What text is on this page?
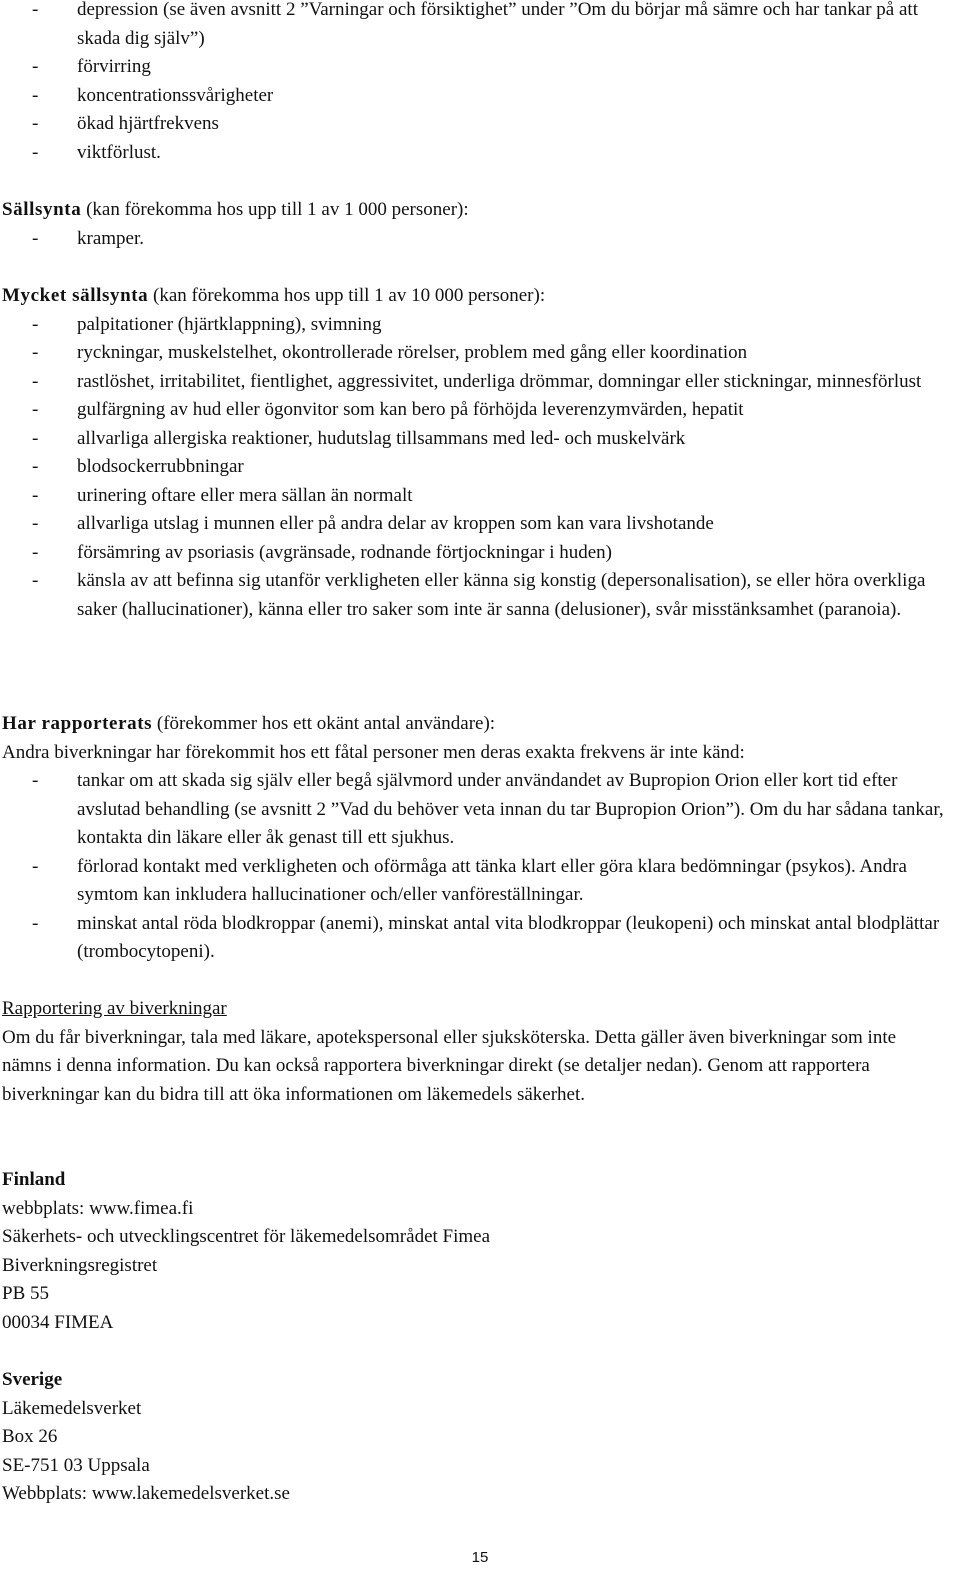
- depression (se även avsnitt 2 ”Varningar och försiktighet” under ”Om du börjar må sämre och har tankar på att skada dig själv”)
- förvirring
- koncentrationssvårigheter
- ökad hjärtfrekvens
- viktförlust.
Sällsynta (kan förekomma hos upp till 1 av 1 000 personer):
- kramper.
Mycket sällsynta (kan förekomma hos upp till 1 av 10 000 personer):
- palpitationer (hjärtklappning), svimning
- ryckningar, muskelstelhet, okontrollerade rörelser, problem med gång eller koordination
- rastlöshet, irritabilitet, fientlighet, aggressivitet, underliga drömmar, domningar eller stickningar, minnesförlust
- gulfärgning av hud eller ögonvitor som kan bero på förhöjda leverenzymvärden, hepatit
- allvarliga allergiska reaktioner, hudutslag tillsammans med led- och muskelvärk
- blodsockerrubbningar
- urinering oftare eller mera sällan än normalt
- allvarliga utslag i munnen eller på andra delar av kroppen som kan vara livshotande
- försämring av psoriasis (avgränsade, rodnande förtjockningar i huden)
- känsla av att befinna sig utanför verkligheten eller känna sig konstig (depersonalisation), se eller höra overkliga saker (hallucinationer), känna eller tro saker som inte är sanna (delusioner), svår misstänksamhet (paranoia).
Har rapporterats (förekommer hos ett okänt antal användare):
Andra biverkningar har förekommit hos ett fåtal personer men deras exakta frekvens är inte känd:
- tankar om att skada sig själv eller begå självmord under användandet av Bupropion Orion eller kort tid efter avslutad behandling (se avsnitt 2 ”Vad du behöver veta innan du tar Bupropion Orion”). Om du har sådana tankar, kontakta din läkare eller åk genast till ett sjukhus.
- förlorad kontakt med verkligheten och oförmåga att tänka klart eller göra klara bedömningar (psykos). Andra symtom kan inkludera hallucinationer och/eller vanföreställningar.
- minskat antal röda blodkroppar (anemi), minskat antal vita blodkroppar (leukopeni) och minskat antal blodplättar (trombocytopeni).
Rapportering av biverkningar
Om du får biverkningar, tala med läkare, apotekspersonal eller sjuksköterska. Detta gäller även biverkningar som inte nämns i denna information. Du kan också rapportera biverkningar direkt (se detaljer nedan). Genom att rapportera biverkningar kan du bidra till att öka informationen om läkemedels säkerhet.
Finland
webbplats: www.fimea.fi
Säkerhets- och utvecklingscentret för läkemedelsområdet Fimea
Biverkningsregistret
PB 55
00034 FIMEA
Sverige
Läkemedelsverket
Box 26
SE-751 03 Uppsala
Webbplats: www.lakemedelsverket.se
15
